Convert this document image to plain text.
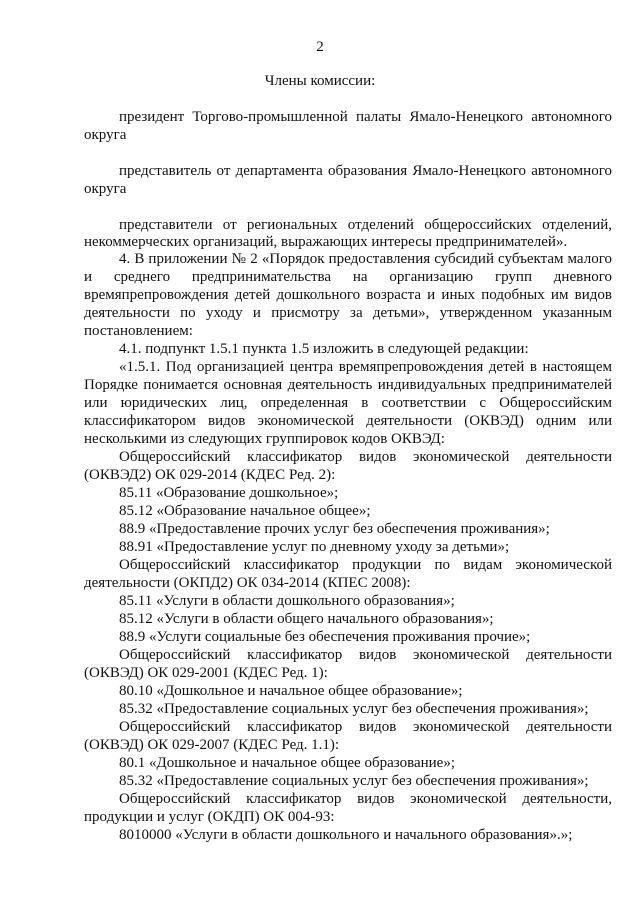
2
Члены комиссии:
президент Торгово-промышленной палаты Ямало-Ненецкого автономного
округа
представитель от департамента образования Ямало-Ненецкого автономного
округа
представители от региональных отделений общероссийских отделений,
некоммерческих организаций, выражающих интересы предпринимателей».
4. В приложении № 2 «Порядок предоставления субсидий субъектам малого
и среднего предпринимательства на организацию групп дневного
времяпрепровождения детей дошкольного возраста и иных подобных им видов
деятельности по уходу и присмотру за детьми», утвержденном указанным
постановлением:
4.1. подпункт 1.5.1 пункта 1.5 изложить в следующей редакции:
«1.5.1. Под организацией центра времяпрепровождения детей в настоящем
Порядке понимается основная деятельность индивидуальных предпринимателей
или юридических лиц, определенная в соответствии с Общероссийским
классификатором видов экономической деятельности (ОКВЭД) одним или
несколькими из следующих группировок кодов ОКВЭД:
Общероссийский классификатор видов экономической деятельности
(ОКВЭД2) ОК 029-2014 (КДЕС Ред. 2):
85.11 «Образование дошкольное»;
85.12 «Образование начальное общее»;
88.9 «Предоставление прочих услуг без обеспечения проживания»;
88.91 «Предоставление услуг по дневному уходу за детьми»;
Общероссийский классификатор продукции по видам экономической
деятельности (ОКПД2) ОК 034-2014 (КПЕС 2008):
85.11 «Услуги в области дошкольного образования»;
85.12 «Услуги в области общего начального образования»;
88.9 «Услуги социальные без обеспечения проживания прочие»;
Общероссийский классификатор видов экономической деятельности
(ОКВЭД) ОК 029-2001 (КДЕС Ред. 1):
80.10 «Дошкольное и начальное общее образование»;
85.32 «Предоставление социальных услуг без обеспечения проживания»;
Общероссийский классификатор видов экономической деятельности
(ОКВЭД) ОК 029-2007 (КДЕС Ред. 1.1):
80.1 «Дошкольное и начальное общее образование»;
85.32 «Предоставление социальных услуг без обеспечения проживания»;
Общероссийский классификатор видов экономической деятельности,
продукции и услуг (ОКДП) ОК 004-93:
8010000 «Услуги в области дошкольного и начального образования».»;
